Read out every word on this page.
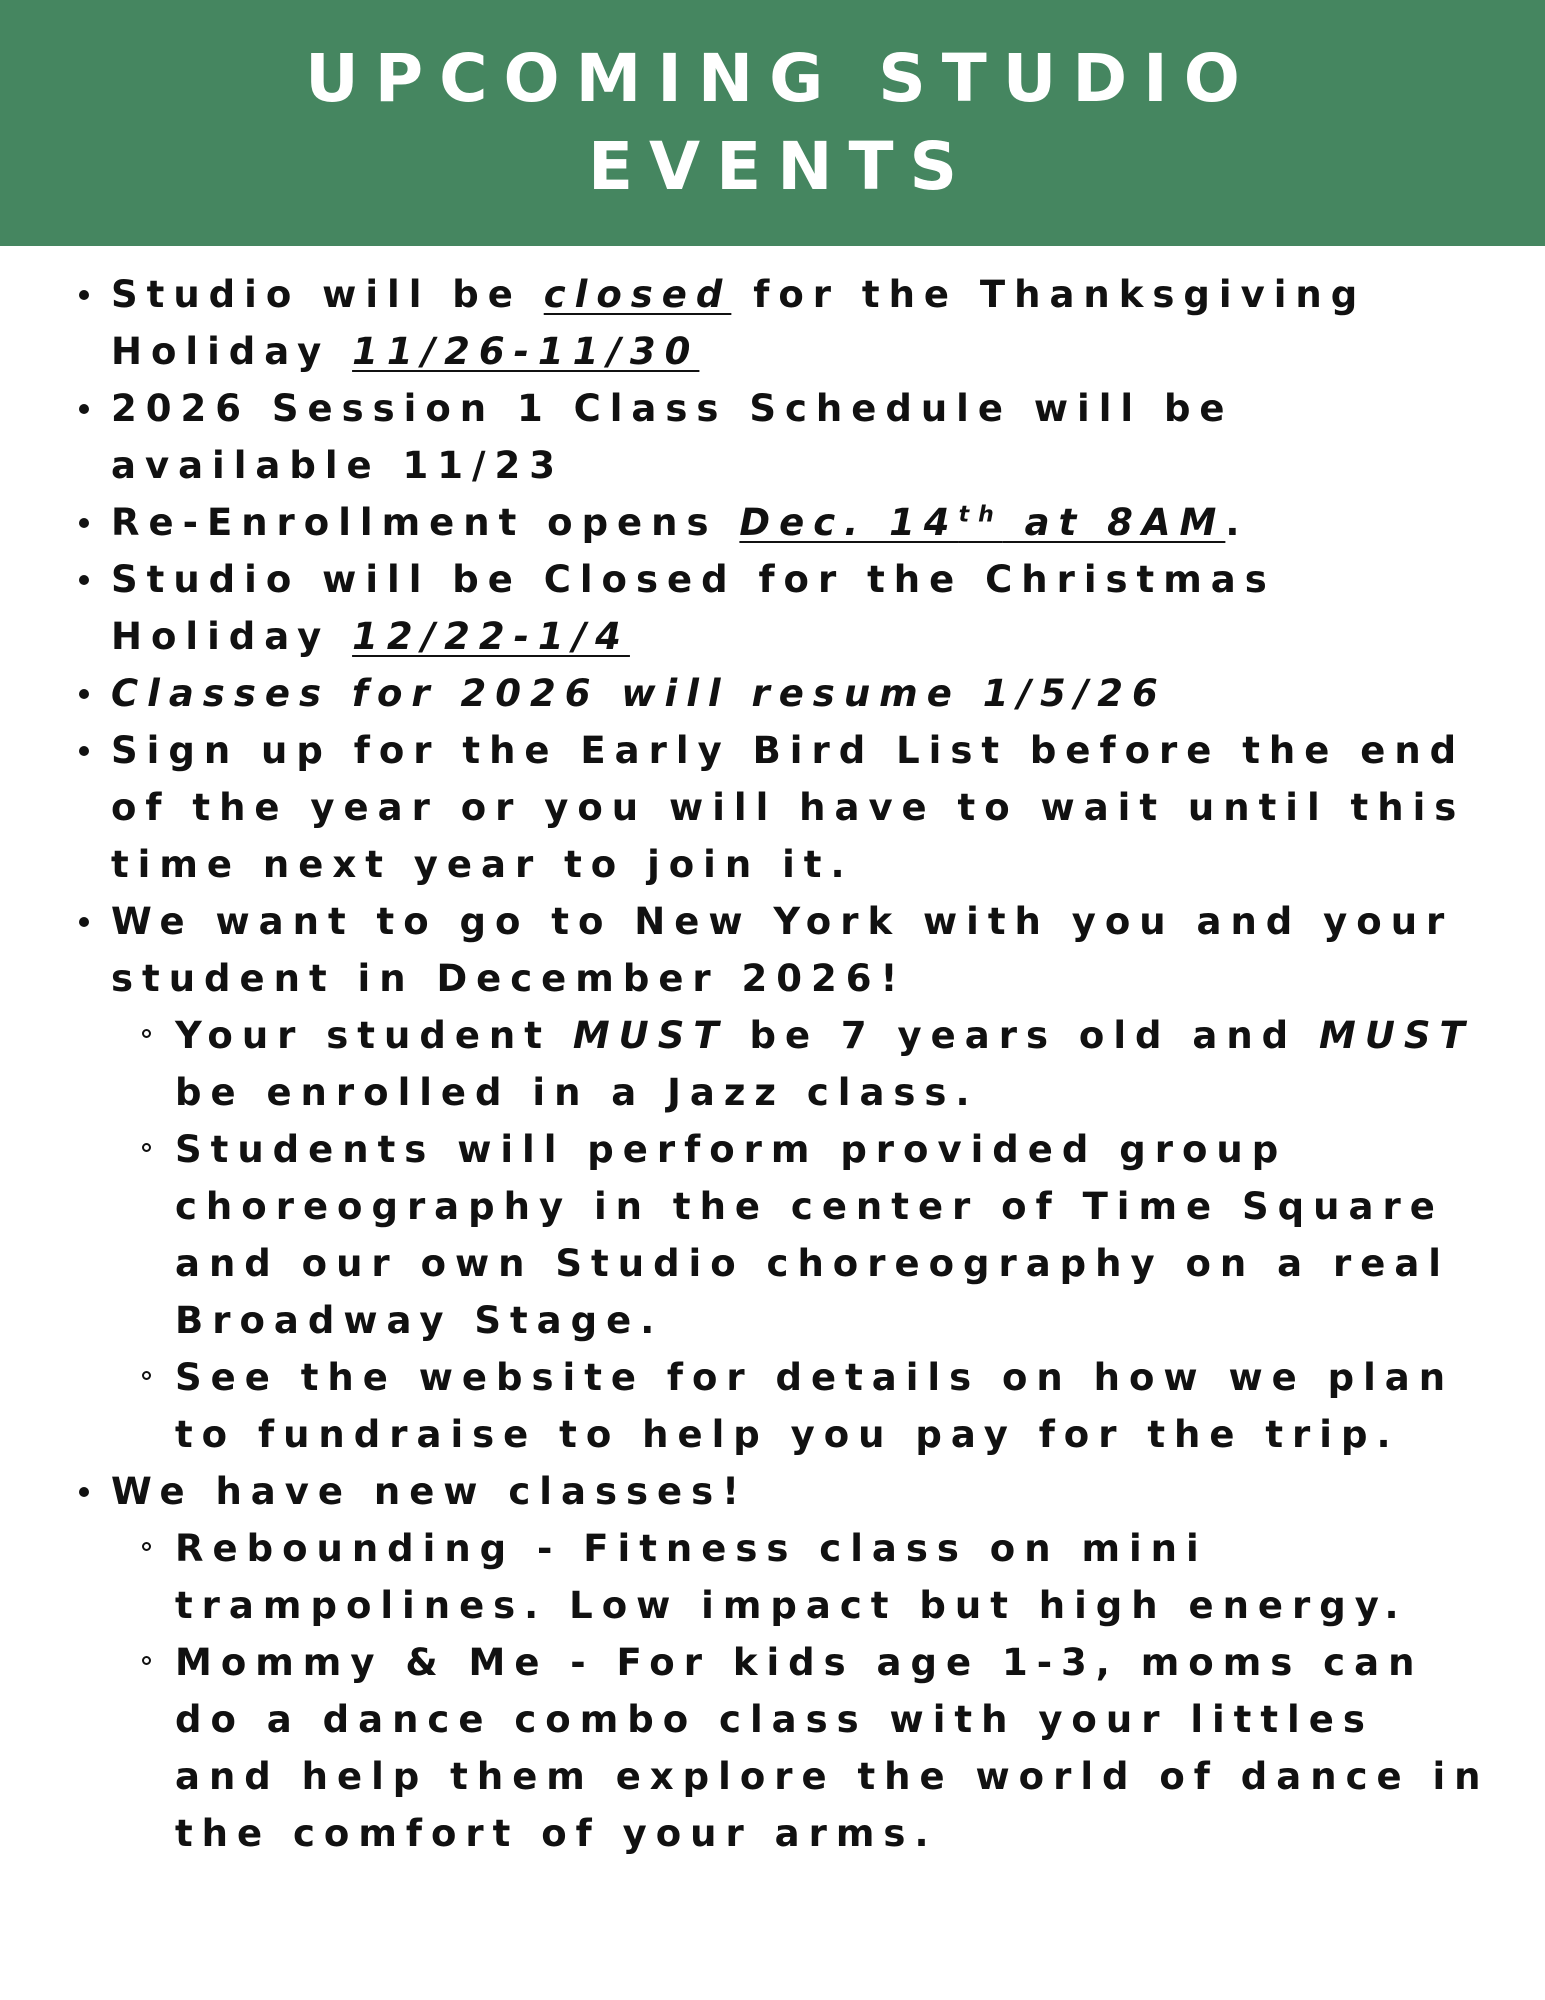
UPCOMING STUDIO
EVENTS
Studio will be closed for the Thanksgiving Holiday 11/26-11/30
2026 Session 1 Class Schedule will be available 11/23
Re-Enrollment opens Dec. 14th at 8AM.
Studio will be Closed for the Christmas Holiday 12/22-1/4
Classes for 2026 will resume 1/5/26
Sign up for the Early Bird List before the end of the year or you will have to wait until this time next year to join it.
We want to go to New York with you and your student in December 2026!
Your student MUST be 7 years old and MUST be enrolled in a Jazz class.
Students will perform provided group choreography in the center of Time Square and our own Studio choreography on a real Broadway Stage.
See the website for details on how we plan to fundraise to help you pay for the trip.
We have new classes!
Rebounding - Fitness class on mini trampolines. Low impact but high energy.
Mommy & Me - For kids age 1-3, moms can do a dance combo class with your littles and help them explore the world of dance in the comfort of your arms.
